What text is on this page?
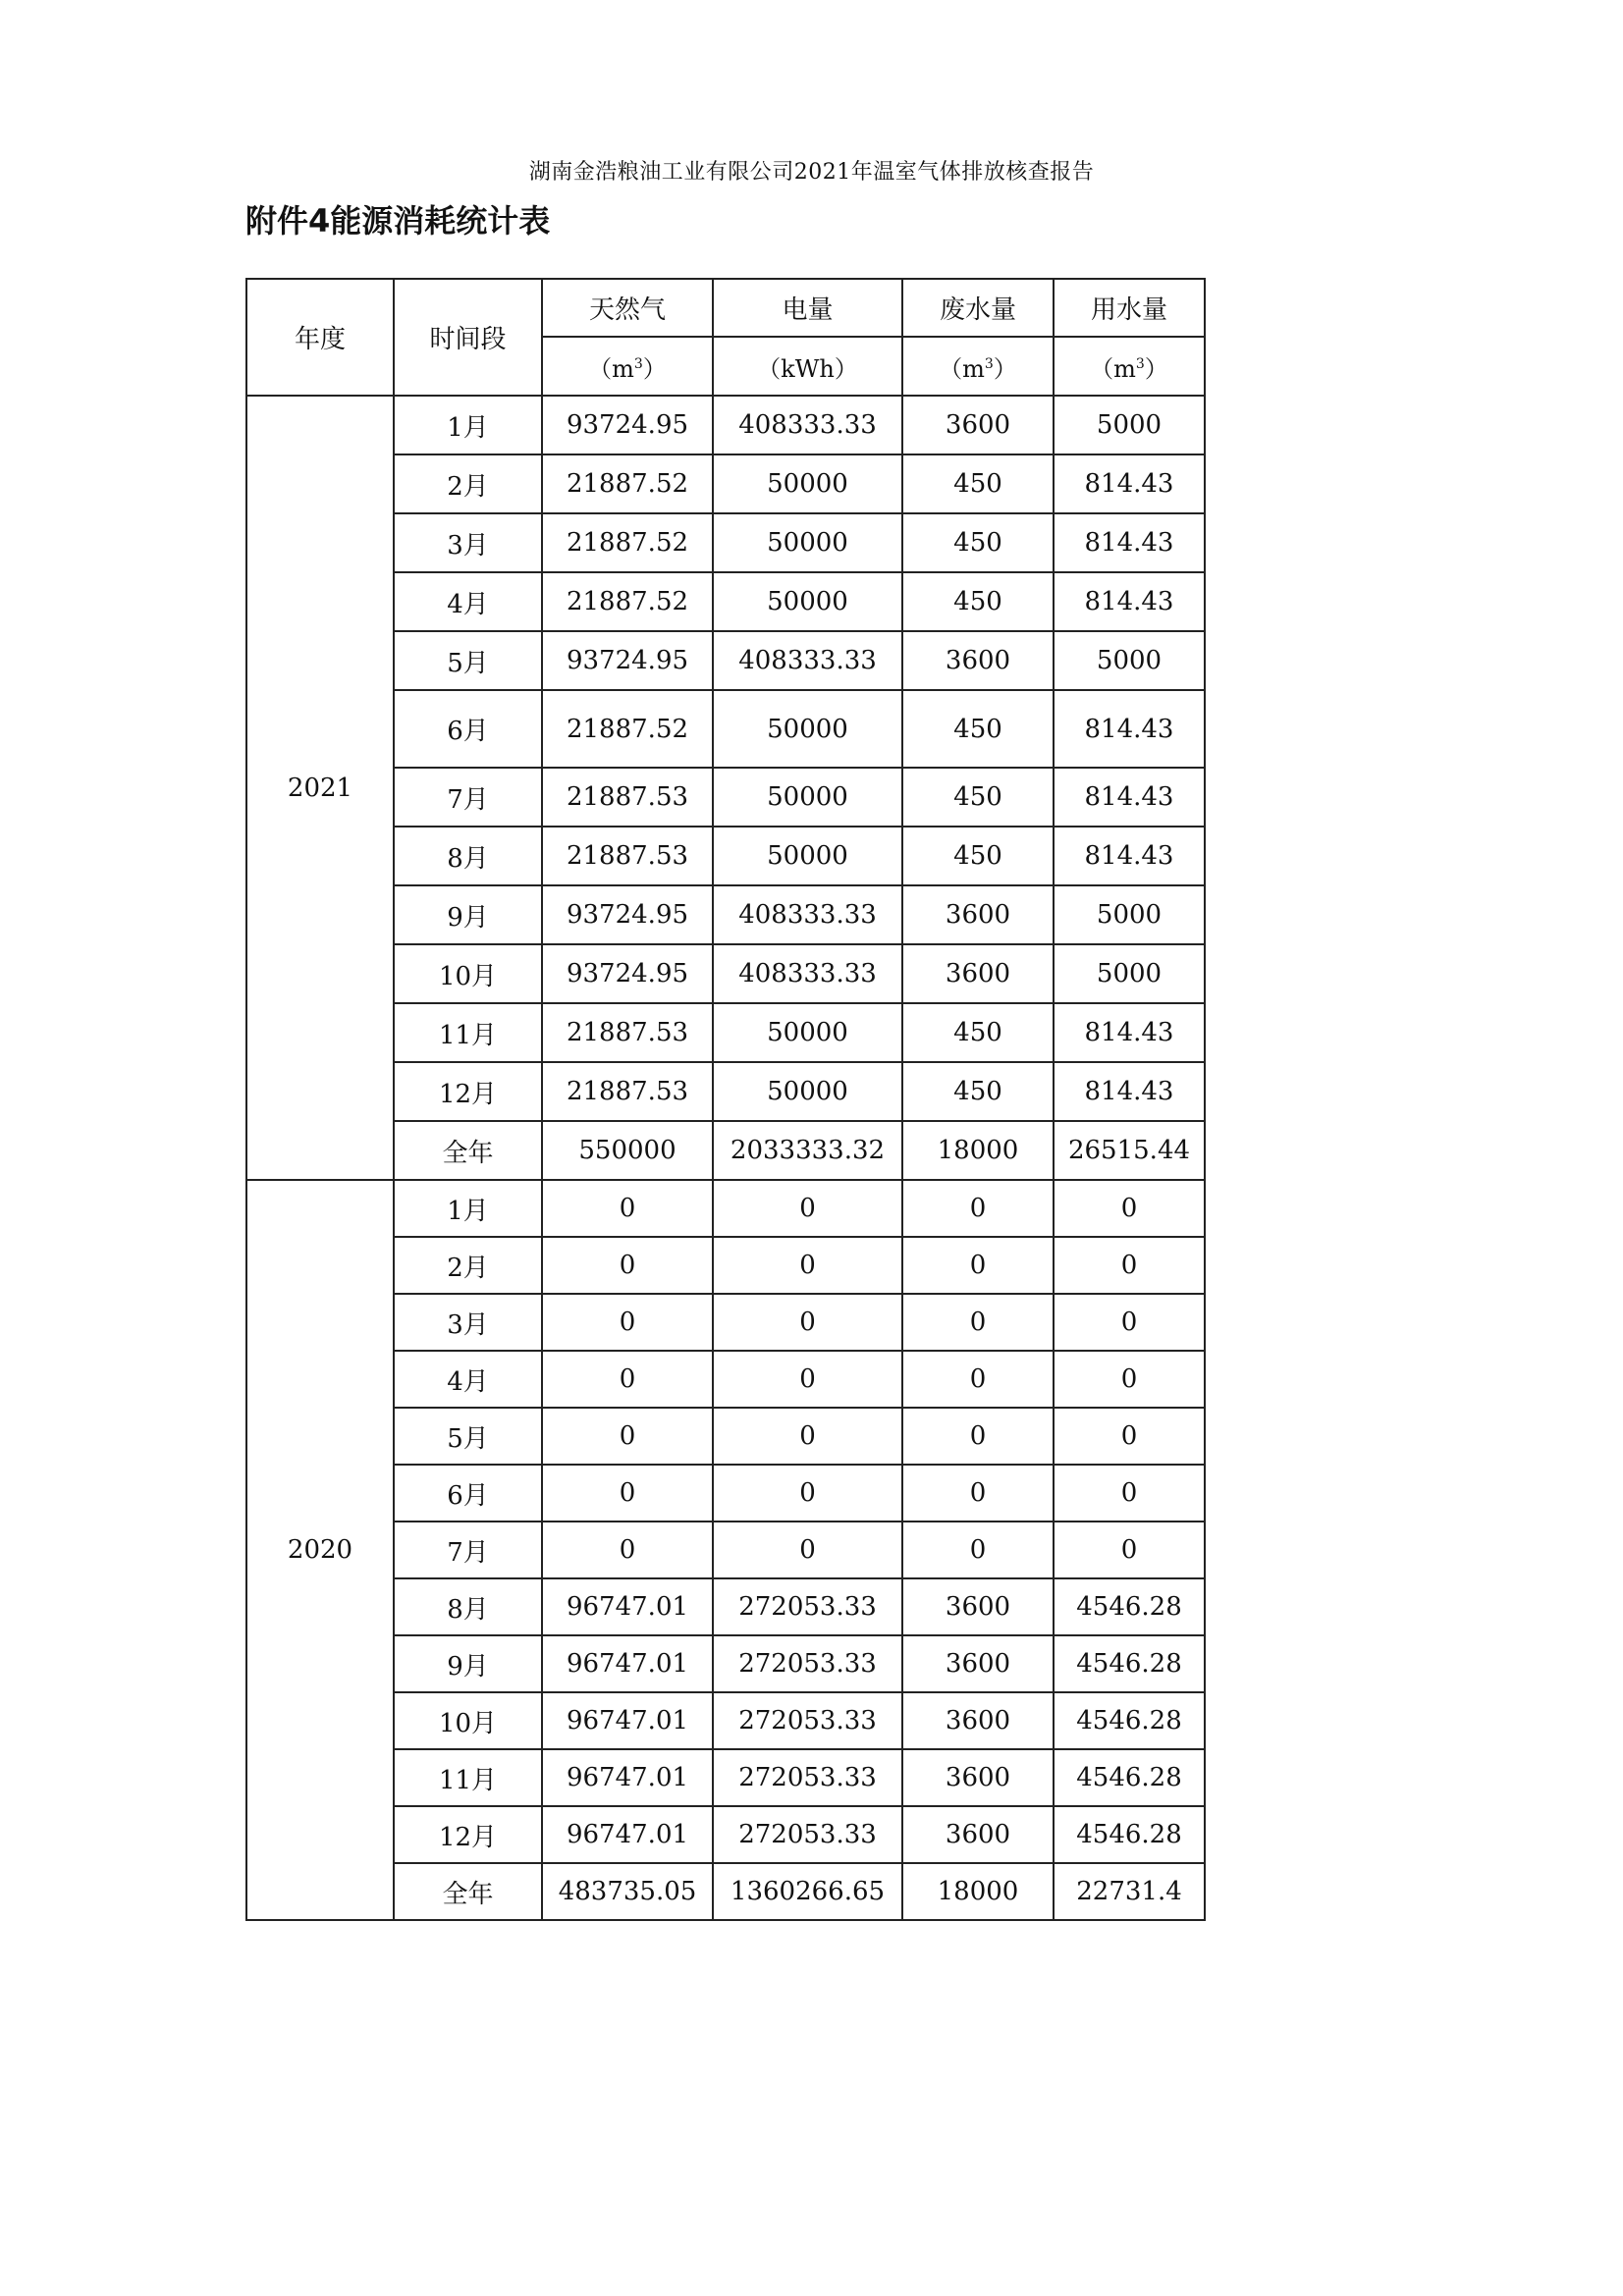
湖南金浩粮油工业有限公司2021年温室气体排放核查报告
附件4能源消耗统计表
年度	时间段	天然气	电量	废水量	用水量
		$(m^3)$	（kWh）	$(m^3)$	$(m^3)$
2021	1月	93724.95	408333.33	3600	5000
	2月	21887.52	50000	450	814.43
	3月	21887.52	50000	450	814.43
	4月	21887.52	50000	450	814.43
	5月	93724.95	408333.33	3600	5000
	6月	21887.52	50000	450	814.43
	7月	21887.53	50000	450	814.43
	8月	21887.53	50000	450	814.43
	9月	93724.95	408333.33	3600	5000
	10月	93724.95	408333.33	3600	5000
	11月	21887.53	50000	450	814.43
	12月	21887.53	50000	450	814.43
	全年	550000	2033333.32	18000	26515.44
2020	1月	0	0	0	0
	2月	0	0	0	0
	3月	0	0	0	0
	4月	0	0	0	0
	5月	0	0	0	0
	6月	0	0	0	0
	7月	0	0	0	0
	8月	96747.01	272053.33	3600	4546.28
	9月	96747.01	272053.33	3600	4546.28
	10月	96747.01	272053.33	3600	4546.28
	11月	96747.01	272053.33	3600	4546.28
	12月	96747.01	272053.33	3600	4546.28
	全年	483735.05	1360266.65	18000	22731.4
